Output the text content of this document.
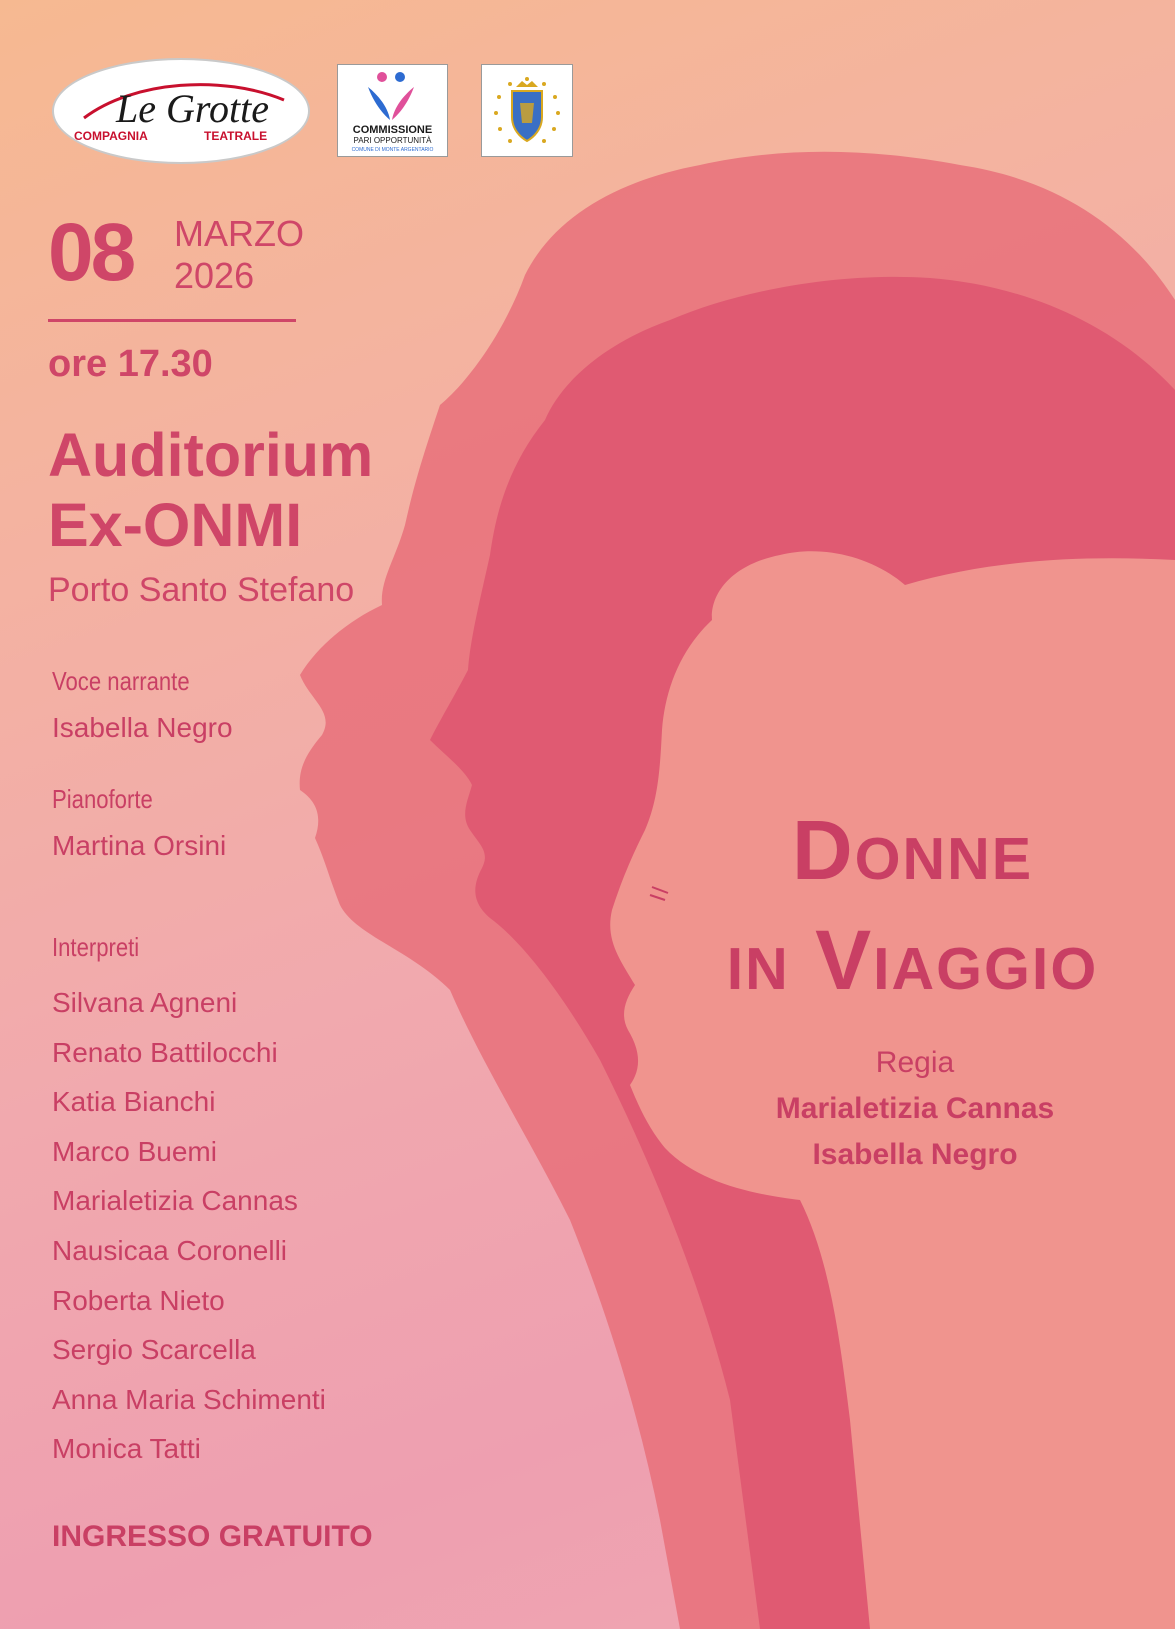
Le Grotte
COMPAGNIA	TEATRALE	COMMISSIONE
PARI OPPORTUNITÀ
COMUNE DI MONTE ARGENTARIO
08 MARZO
2026
ore 17.30
Auditorium
Ex-ONMI
Porto Santo Stefano
Voce narrante
Isabella Negro
Pianoforte
Martina Orsini
Interpreti
Silvana Agneni
Renato Battilocchi
Katia Bianchi
Marco Buemi
Marialetizia Cannas
Nausicaa Coronelli
Roberta Nieto
Sergio Scarcella
Anna Maria Schimenti
Monica Tatti
INGRESSO GRATUITO
Donne
in Viaggio
Regia
Marialetizia Cannas
Isabella Negro
